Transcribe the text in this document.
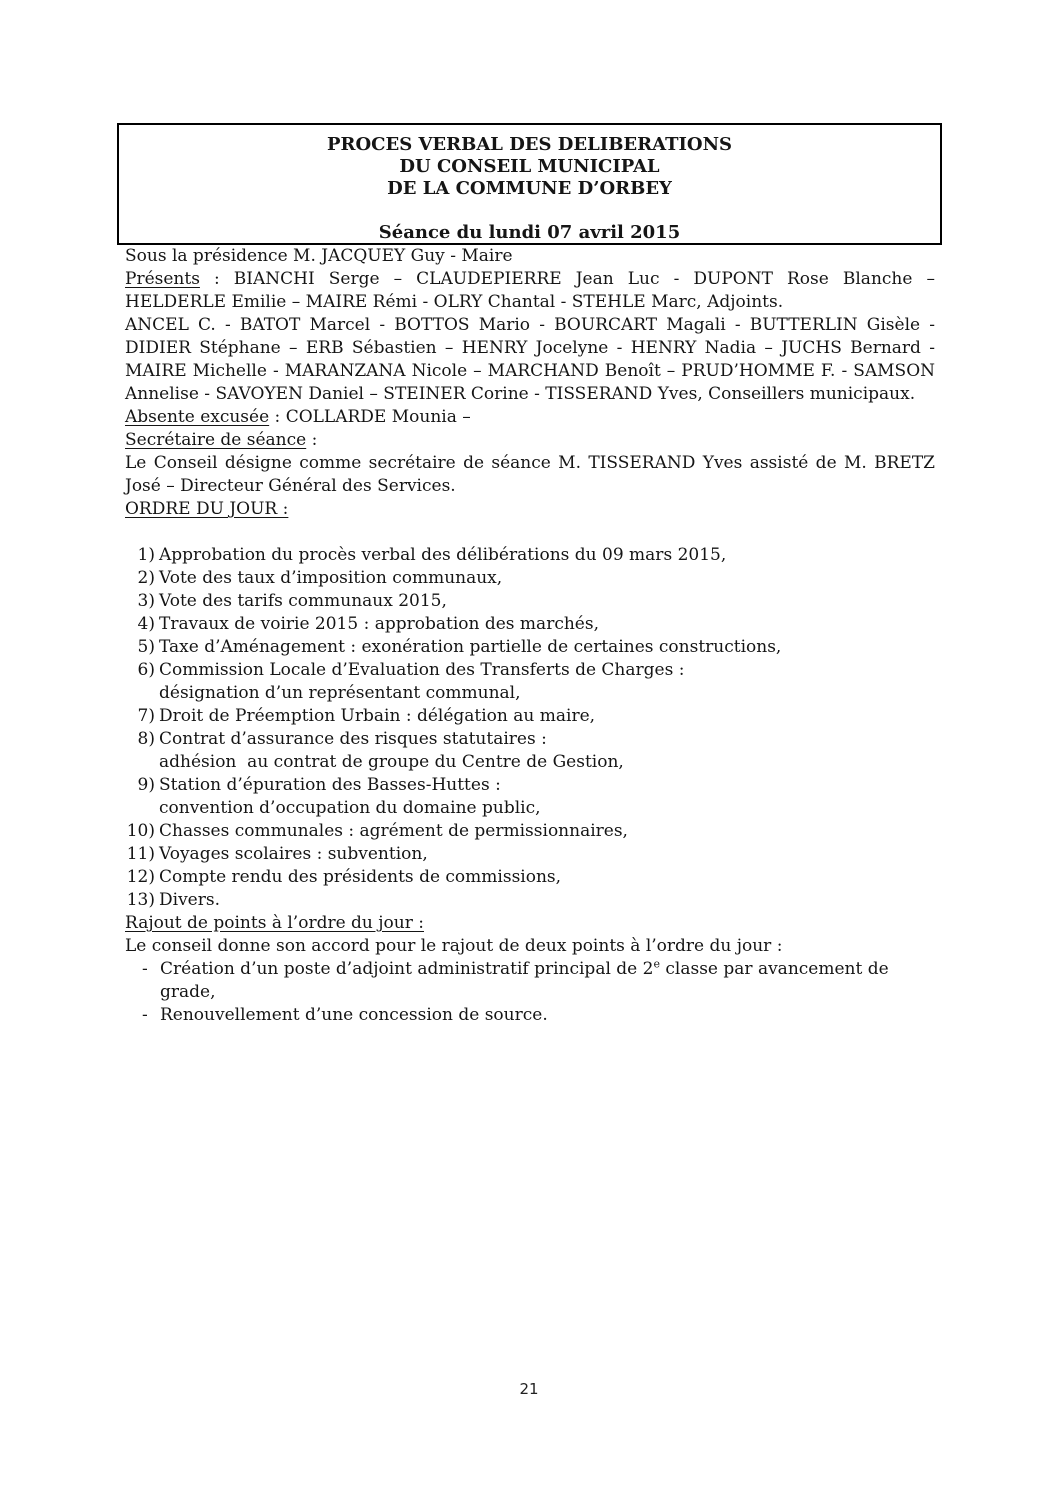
PROCES VERBAL DES DELIBERATIONS
DU CONSEIL MUNICIPAL
DE LA COMMUNE D’ORBEY
Séance du lundi 07 avril 2015

Sous la présidence M. JACQUEY Guy - Maire

Présents : BIANCHI Serge – CLAUDEPIERRE Jean Luc - DUPONT Rose Blanche – HELDERLE Emilie – MAIRE Rémi - OLRY Chantal - STEHLE Marc, Adjoints.

ANCEL C. - BATOT Marcel - BOTTOS Mario - BOURCART Magali - BUTTERLIN Gisèle - DIDIER Stéphane – ERB Sébastien – HENRY Jocelyne - HENRY Nadia – JUCHS Bernard - MAIRE Michelle - MARANZANA Nicole – MARCHAND Benoît – PRUD’HOMME F. - SAMSON Annelise - SAVOYEN Daniel – STEINER Corine - TISSERAND Yves, Conseillers municipaux.

Absente excusée : COLLARDE Mounia –

Secrétaire de séance :

Le Conseil désigne comme secrétaire de séance M. TISSERAND Yves assisté de M. BRETZ José – Directeur Général des Services.

ORDRE DU JOUR :

1) Approbation du procès verbal des délibérations du 09 mars 2015,
2) Vote des taux d’imposition communaux,
3) Vote des tarifs communaux 2015,
4) Travaux de voirie 2015 : approbation des marchés,
5) Taxe d’Aménagement : exonération partielle de certaines constructions,
6) Commission Locale d’Evaluation des Transferts de Charges :
désignation d’un représentant communal,
7) Droit de Préemption Urbain : délégation au maire,
8) Contrat d’assurance des risques statutaires :
adhésion  au contrat de groupe du Centre de Gestion,
9) Station d’épuration des Basses-Huttes :
convention d’occupation du domaine public,
10) Chasses communales : agrément de permissionnaires,
11) Voyages scolaires : subvention,
12) Compte rendu des présidents de commissions,
13) Divers.

Rajout de points à l’ordre du jour :

Le conseil donne son accord pour le rajout de deux points à l’ordre du jour :

- Création d’un poste d’adjoint administratif principal de 2e classe par avancement de grade,
- Renouvellement d’une concession de source.
21
